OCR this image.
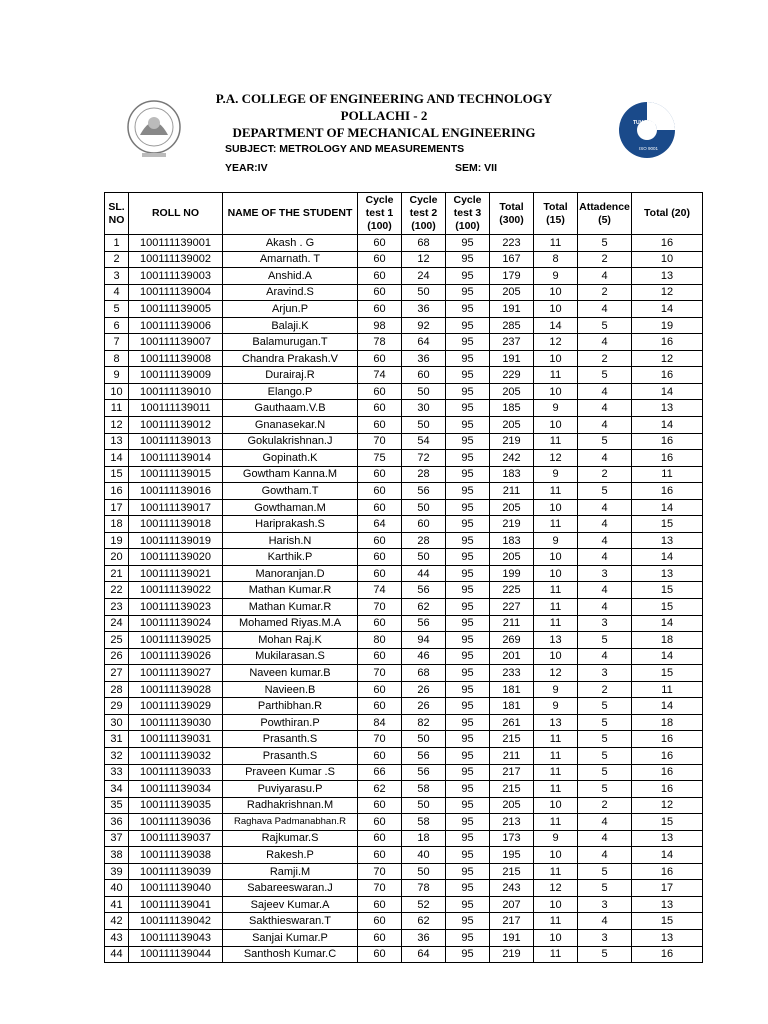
TUV NORD
ISO 9001
P.A. COLLEGE OF ENGINEERING AND TECHNOLOGY
POLLACHI - 2
DEPARTMENT OF MECHANICAL ENGINEERING
SUBJECT: METROLOGY AND MEASUREMENTS
YEAR:IV	SEM: VII
SL.
NO	ROLL NO	NAME OF THE STUDENT	Cycle
test 1
(100)	Cycle
test 2
(100)	Cycle
test 3
(100)	Total
(300)	Total
(15)	Attadence
(5)	Total (20)
1	100111139001	Akash . G	60	68	95	223	11	5	16
2	100111139002	Amarnath. T	60	12	95	167	8	2	10
3	100111139003	Anshid.A	60	24	95	179	9	4	13
4	100111139004	Aravind.S	60	50	95	205	10	2	12
5	100111139005	Arjun.P	60	36	95	191	10	4	14
6	100111139006	Balaji.K	98	92	95	285	14	5	19
7	100111139007	Balamurugan.T	78	64	95	237	12	4	16
8	100111139008	Chandra Prakash.V	60	36	95	191	10	2	12
9	100111139009	Durairaj.R	74	60	95	229	11	5	16
10	100111139010	Elango.P	60	50	95	205	10	4	14
11	100111139011	Gauthaam.V.B	60	30	95	185	9	4	13
12	100111139012	Gnanasekar.N	60	50	95	205	10	4	14
13	100111139013	Gokulakrishnan.J	70	54	95	219	11	5	16
14	100111139014	Gopinath.K	75	72	95	242	12	4	16
15	100111139015	Gowtham Kanna.M	60	28	95	183	9	2	11
16	100111139016	Gowtham.T	60	56	95	211	11	5	16
17	100111139017	Gowthaman.M	60	50	95	205	10	4	14
18	100111139018	Hariprakash.S	64	60	95	219	11	4	15
19	100111139019	Harish.N	60	28	95	183	9	4	13
20	100111139020	Karthik.P	60	50	95	205	10	4	14
21	100111139021	Manoranjan.D	60	44	95	199	10	3	13
22	100111139022	Mathan Kumar.R	74	56	95	225	11	4	15
23	100111139023	Mathan Kumar.R	70	62	95	227	11	4	15
24	100111139024	Mohamed Riyas.M.A	60	56	95	211	11	3	14
25	100111139025	Mohan Raj.K	80	94	95	269	13	5	18
26	100111139026	Mukilarasan.S	60	46	95	201	10	4	14
27	100111139027	Naveen kumar.B	70	68	95	233	12	3	15
28	100111139028	Navieen.B	60	26	95	181	9	2	11
29	100111139029	Parthibhan.R	60	26	95	181	9	5	14
30	100111139030	Powthiran.P	84	82	95	261	13	5	18
31	100111139031	Prasanth.S	70	50	95	215	11	5	16
32	100111139032	Prasanth.S	60	56	95	211	11	5	16
33	100111139033	Praveen Kumar .S	66	56	95	217	11	5	16
34	100111139034	Puviyarasu.P	62	58	95	215	11	5	16
35	100111139035	Radhakrishnan.M	60	50	95	205	10	2	12
36	100111139036	Raghava Padmanabhan.R	60	58	95	213	11	4	15
37	100111139037	Rajkumar.S	60	18	95	173	9	4	13
38	100111139038	Rakesh.P	60	40	95	195	10	4	14
39	100111139039	Ramji.M	70	50	95	215	11	5	16
40	100111139040	Sabareeswaran.J	70	78	95	243	12	5	17
41	100111139041	Sajeev Kumar.A	60	52	95	207	10	3	13
42	100111139042	Sakthieswaran.T	60	62	95	217	11	4	15
43	100111139043	Sanjai Kumar.P	60	36	95	191	10	3	13
44	100111139044	Santhosh Kumar.C	60	64	95	219	11	5	16
